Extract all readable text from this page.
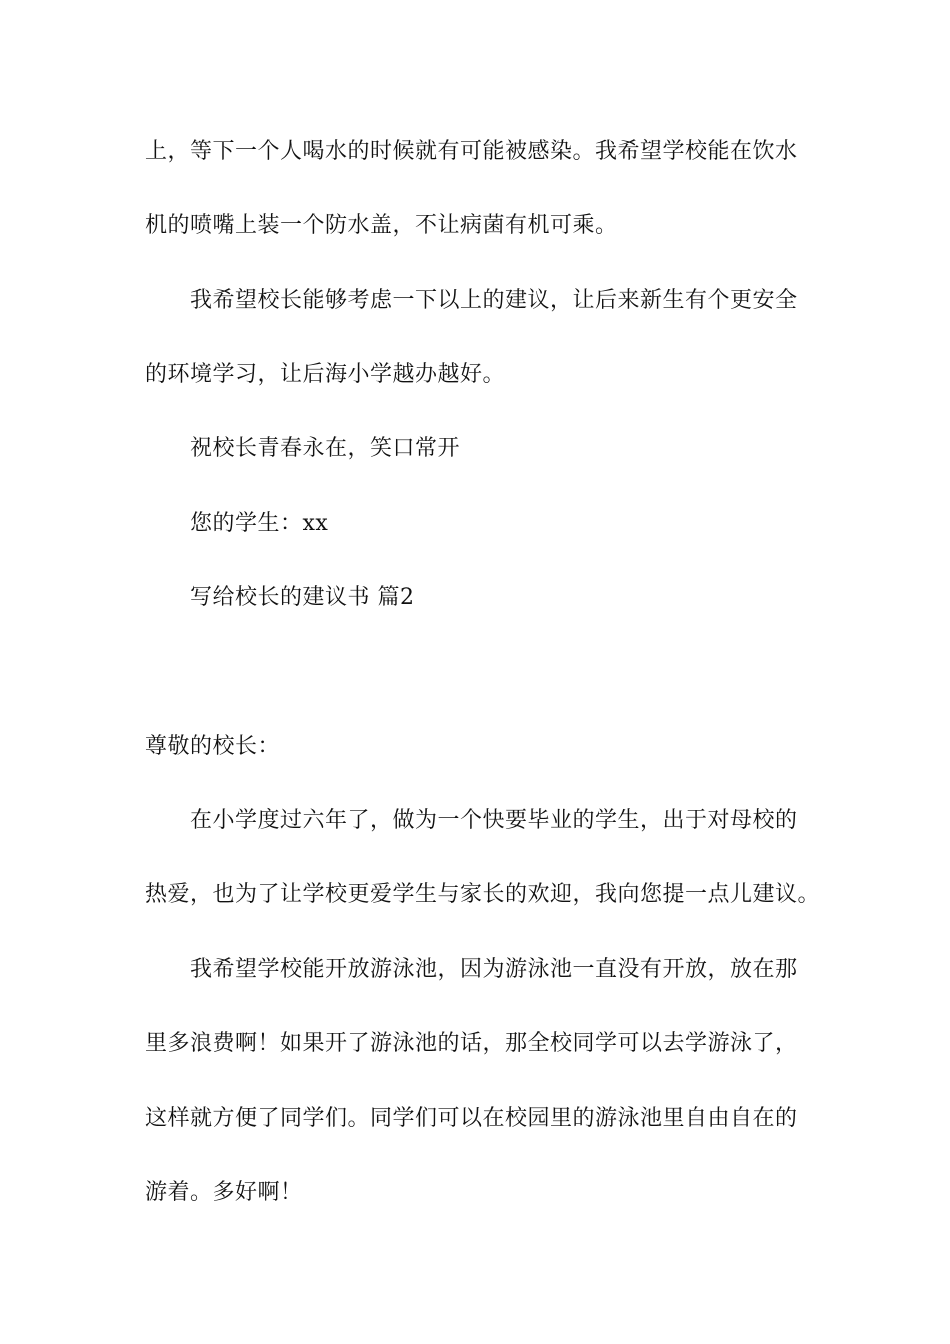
上，等下一个人喝水的时候就有可能被感染。我希望学校能在饮水
机的喷嘴上装一个防水盖，不让病菌有机可乘。
我希望校长能够考虑一下以上的建议，让后来新生有个更安全
的环境学习，让后海小学越办越好。
祝校长青春永在，笑口常开
您的学生：xx
写给校长的建议书 篇2
尊敬的校长：
在小学度过六年了，做为一个快要毕业的学生，出于对母校的
热爱，也为了让学校更爱学生与家长的欢迎，我向您提一点儿建议。
我希望学校能开放游泳池，因为游泳池一直没有开放，放在那
里多浪费啊！如果开了游泳池的话，那全校同学可以去学游泳了，
这样就方便了同学们。同学们可以在校园里的游泳池里自由自在的
游着。多好啊！
